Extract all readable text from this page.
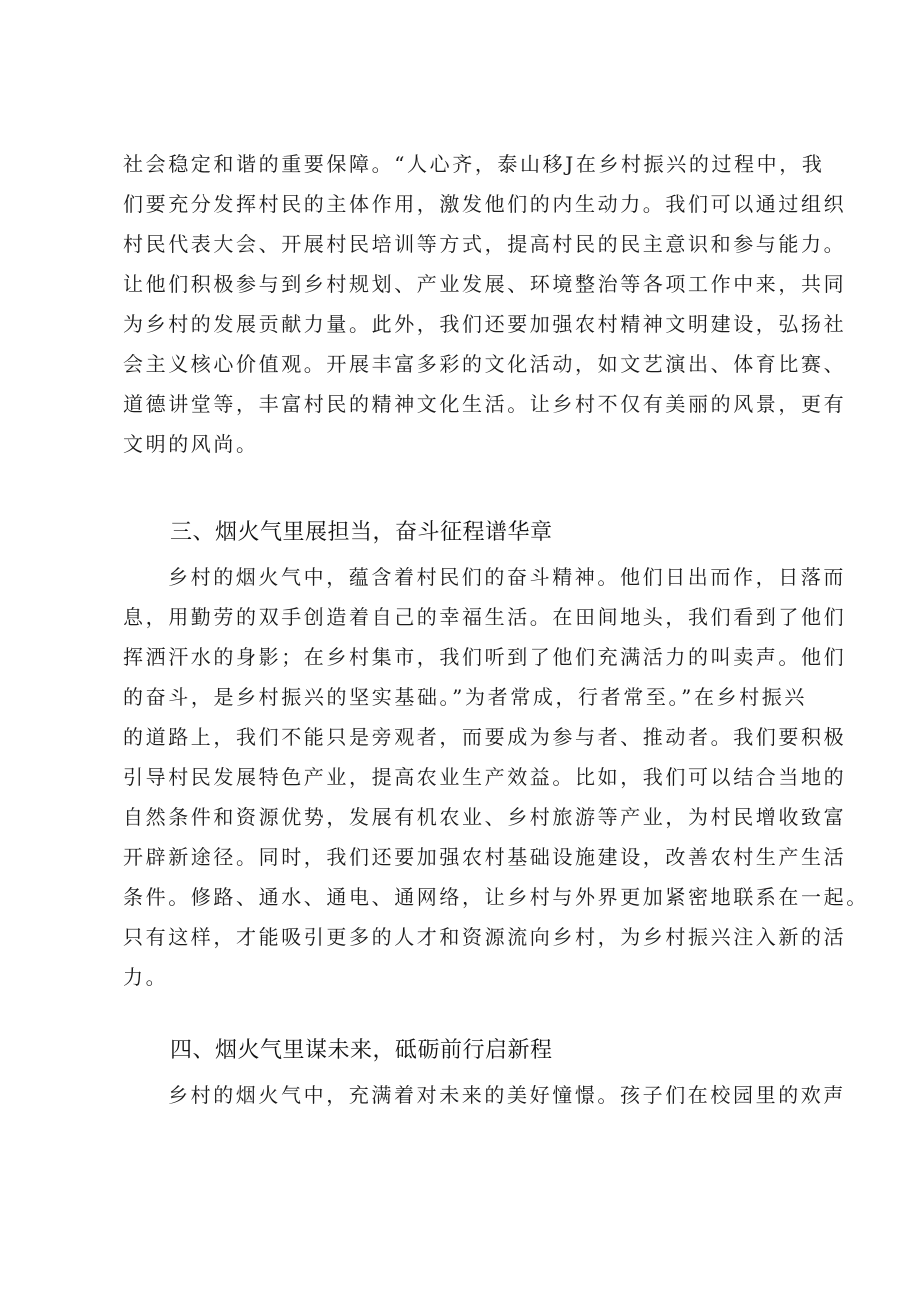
社会稳定和谐的重要保障。“人心齐，泰山移J在乡村振兴的过程中，我
们要充分发挥村民的主体作用，激发他们的内生动力。我们可以通过组织
村民代表大会、开展村民培训等方式，提高村民的民主意识和参与能力。
让他们积极参与到乡村规划、产业发展、环境整治等各项工作中来，共同
为乡村的发展贡献力量。此外，我们还要加强农村精神文明建设，弘扬社
会主义核心价值观。开展丰富多彩的文化活动，如文艺演出、体育比赛、
道德讲堂等，丰富村民的精神文化生活。让乡村不仅有美丽的风景，更有
文明的风尚。
三、烟火气里展担当，奋斗征程谱华章
乡村的烟火气中，蕴含着村民们的奋斗精神。他们日出而作，日落而
息，用勤劳的双手创造着自己的幸福生活。在田间地头，我们看到了他们
挥洒汗水的身影；在乡村集市，我们听到了他们充满活力的叫卖声。他们
的奋斗，是乡村振兴的坚实基础。”为者常成，行者常至。”在乡村振兴
的道路上，我们不能只是旁观者，而要成为参与者、推动者。我们要积极
引导村民发展特色产业，提高农业生产效益。比如，我们可以结合当地的
自然条件和资源优势，发展有机农业、乡村旅游等产业，为村民增收致富
开辟新途径。同时，我们还要加强农村基础设施建设，改善农村生产生活
条件。修路、通水、通电、通网络，让乡村与外界更加紧密地联系在一起。
只有这样，才能吸引更多的人才和资源流向乡村，为乡村振兴注入新的活
力。
四、烟火气里谋未来，砥砺前行启新程
乡村的烟火气中，充满着对未来的美好憧憬。孩子们在校园里的欢声
